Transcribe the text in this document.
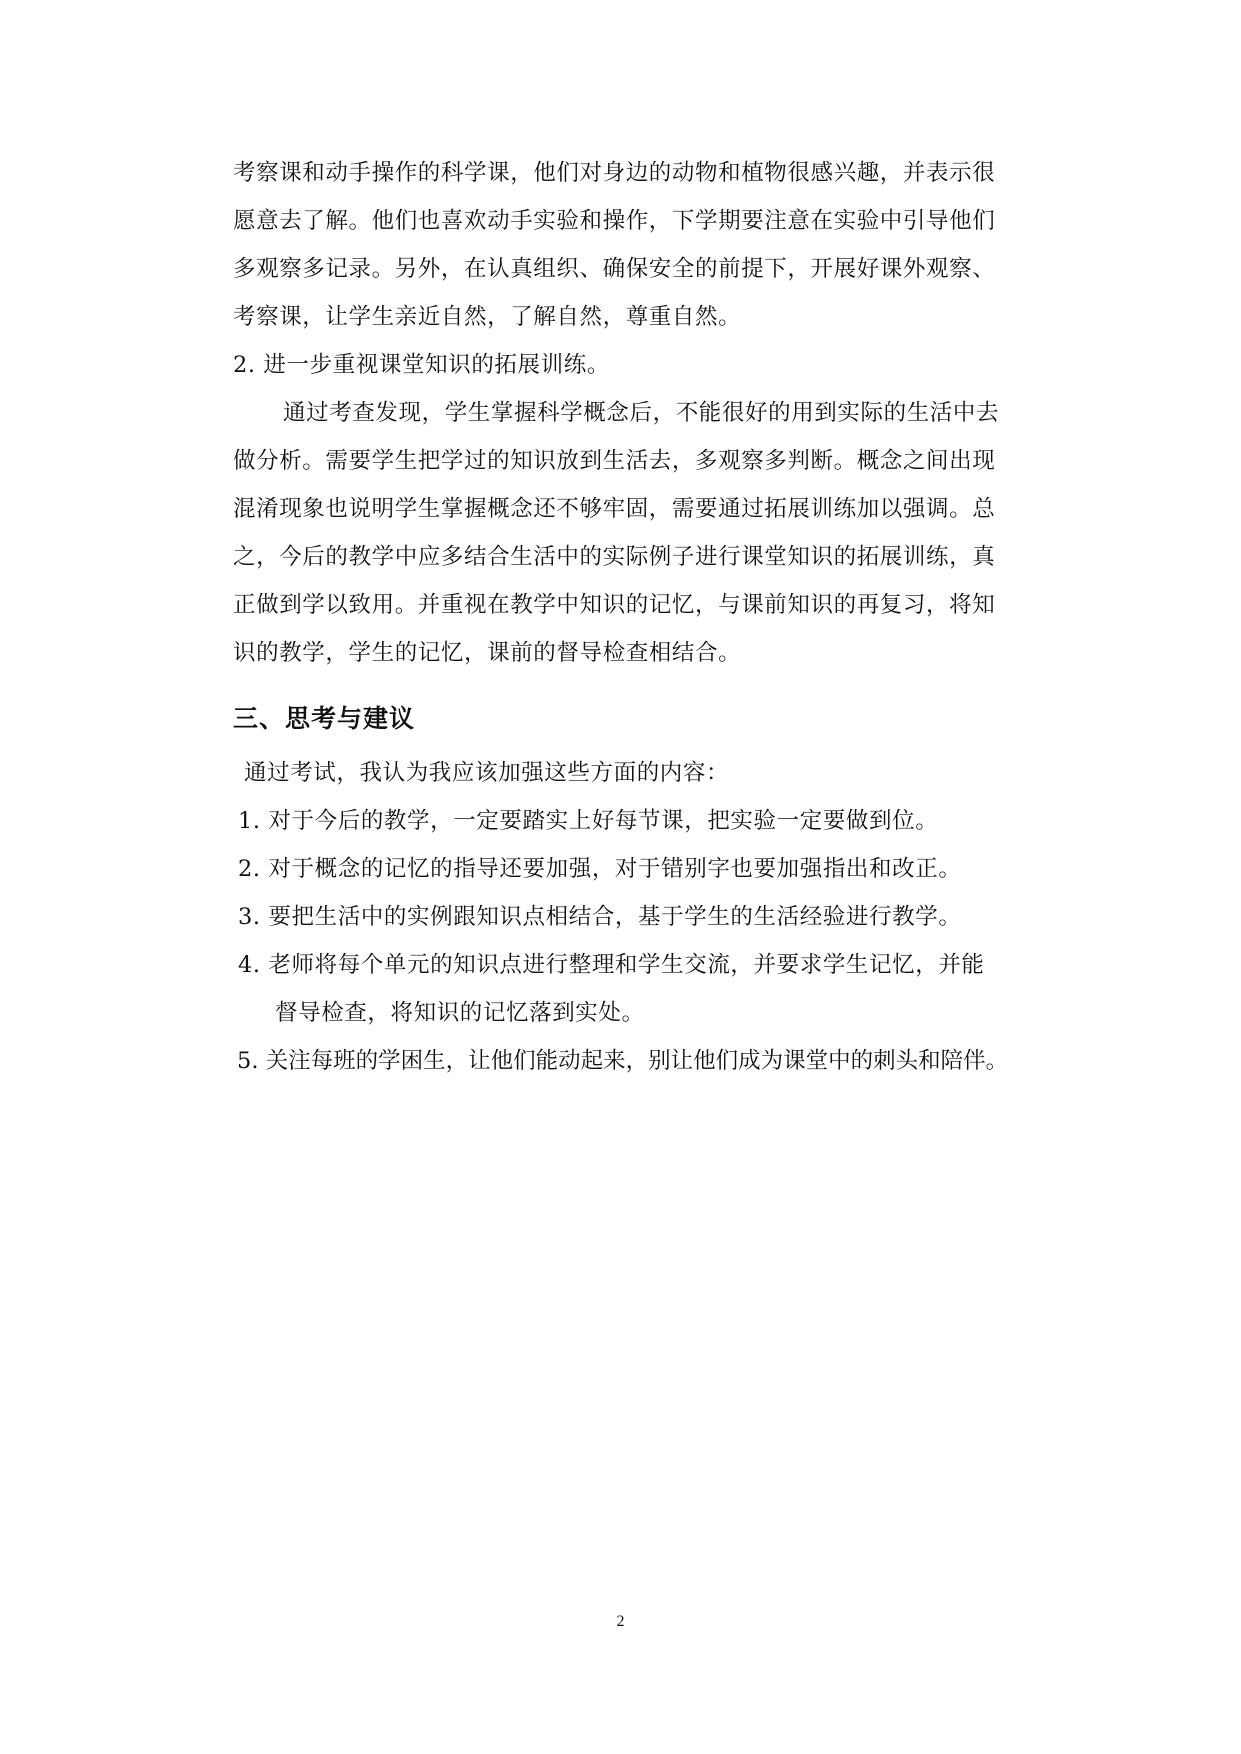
考察课和动手操作的科学课，他们对身边的动物和植物很感兴趣，并表示很
愿意去了解。他们也喜欢动手实验和操作，下学期要注意在实验中引导他们
多观察多记录。另外，在认真组织、确保安全的前提下，开展好课外观察、
考察课，让学生亲近自然，了解自然，尊重自然。
2. 进一步重视课堂知识的拓展训练。
通过考查发现，学生掌握科学概念后，不能很好的用到实际的生活中去
做分析。需要学生把学过的知识放到生活去，多观察多判断。概念之间出现
混淆现象也说明学生掌握概念还不够牢固，需要通过拓展训练加以强调。总
之，今后的教学中应多结合生活中的实际例子进行课堂知识的拓展训练，真
正做到学以致用。并重视在教学中知识的记忆，与课前知识的再复习，将知
识的教学，学生的记忆，课前的督导检查相结合。
三、思考与建议
通过考试，我认为我应该加强这些方面的内容：
1. 对于今后的教学，一定要踏实上好每节课，把实验一定要做到位。
2. 对于概念的记忆的指导还要加强，对于错别字也要加强指出和改正。
3. 要把生活中的实例跟知识点相结合，基于学生的生活经验进行教学。
4. 老师将每个单元的知识点进行整理和学生交流，并要求学生记忆，并能
督导检查，将知识的记忆落到实处。
5. 关注每班的学困生，让他们能动起来，别让他们成为课堂中的刺头和陪伴。
2
